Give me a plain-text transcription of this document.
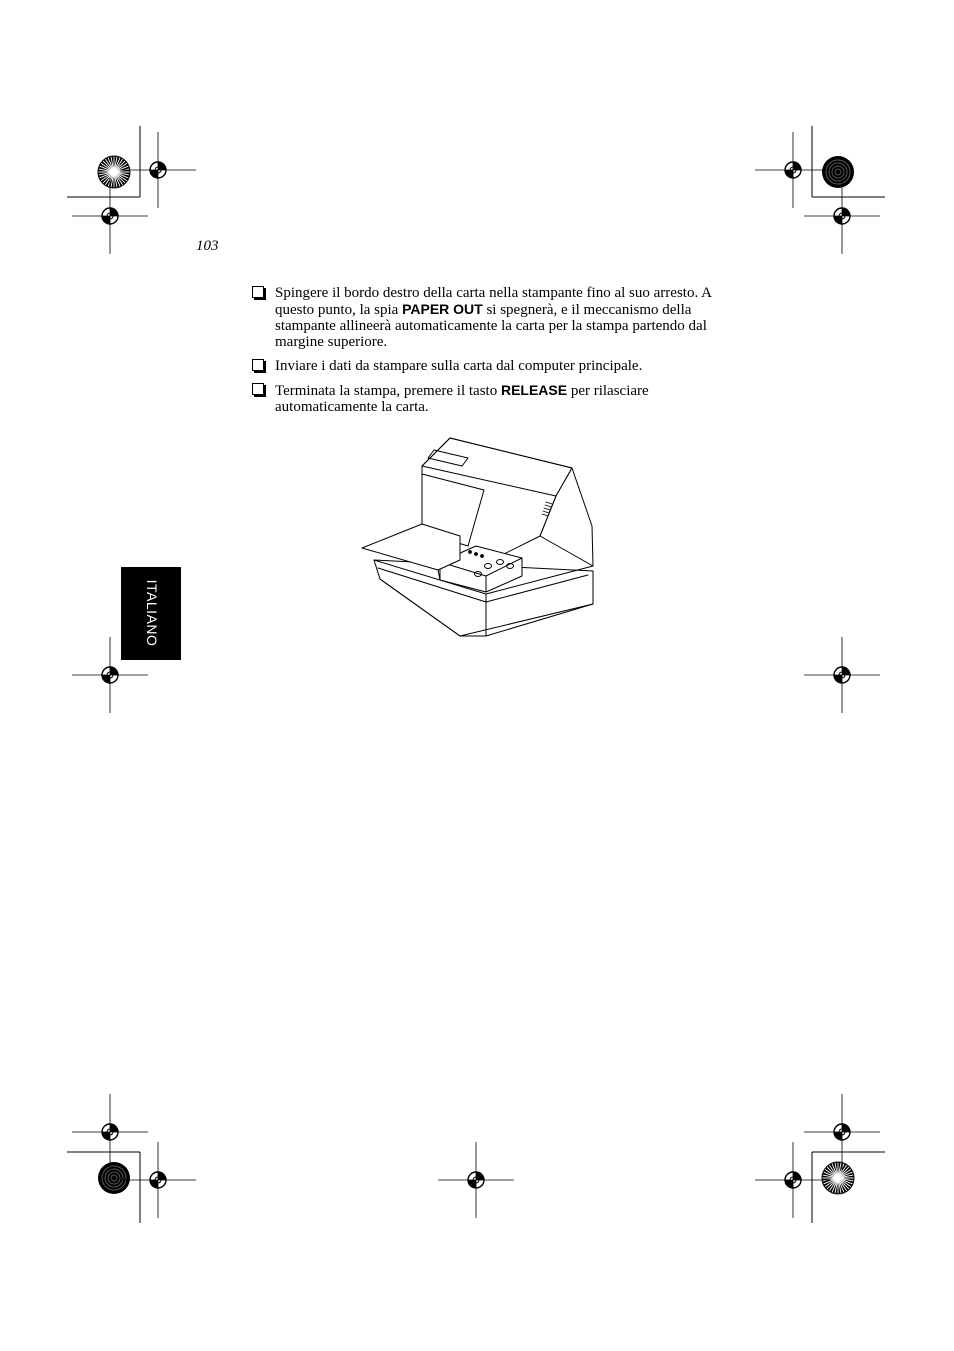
103
Spingere il bordo destro della carta nella stampante fino al suo arresto. A questo punto, la spia PAPER OUT si spegnerà, e il meccanismo della stampante allineerà automaticamente la carta per la stampa partendo dal margine superiore.
Inviare i dati da stampare sulla carta dal computer principale.
Terminata la stampa, premere il tasto RELEASE per rilasciare automaticamente la carta.
ITALIANO
